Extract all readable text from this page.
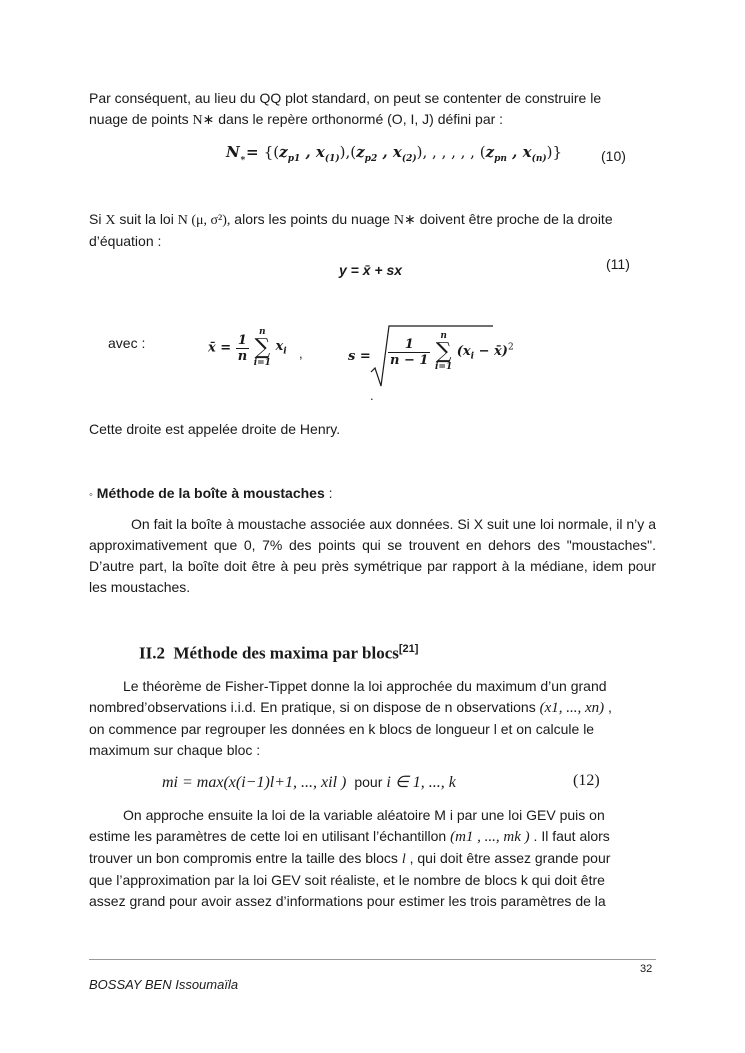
Par conséquent, au lieu du QQ plot standard, on peut se contenter de construire le
nuage de points N∗ dans le repère orthonormé (O, I, J) défini par :
$N_∗= \{(z_{p1}$ , $x_{(1)}),(z_{p2}$ , $x_{(2)}$), , , , , , ($z_{pn}$ , $x_{(n)}$)}	(10)
Si X suit la loi N (μ, σ²), alors les points du nuage N∗ doivent être proche de la droite
d’équation :
y = x̄ + sx	(11)
avec :	x̄ = $\frac{1}{n}$

n
∑
i=1
$x_i$ ,	$s = \frac{1}{n - 1}$

n
∑
i=1
($x_i$ − x̄)$^2$
.
Cette droite est appelée droite de Henry.
◦ Méthode de la boîte à moustaches :
On fait la boîte à moustache associée aux données. Si X suit une loi normale, il n’y a approximativement que 0, 7% des points qui se trouvent en dehors des "moustaches". D’autre part, la boîte doit être à peu près symétrique par rapport à la médiane, idem pour les moustaches.
II.2 Méthode des maxima par blocs[21]
Le théorème de Fisher-Tippet donne la loi approchée du maximum d’un grand
nombred’observations i.i.d. En pratique, si on dispose de n observations (x1, ..., xn) ,
on commence par regrouper les données en k blocs de longueur l et on calcule le
maximum sur chaque bloc :
mi = max(x(i−1)l+1, ..., xil ) pour i ∈ 1, ..., k	(12)
On approche ensuite la loi de la variable aléatoire M i par une loi GEV puis on
estime les paramètres de cette loi en utilisant l’échantillon (m1 , ..., mk ) . Il faut alors
trouver un bon compromis entre la taille des blocs l , qui doit être assez grande pour
que l’approximation par la loi GEV soit réaliste, et le nombre de blocs k qui doit être
assez grand pour avoir assez d’informations pour estimer les trois paramètres de la
32
BOSSAY BEN Issoumaïla
